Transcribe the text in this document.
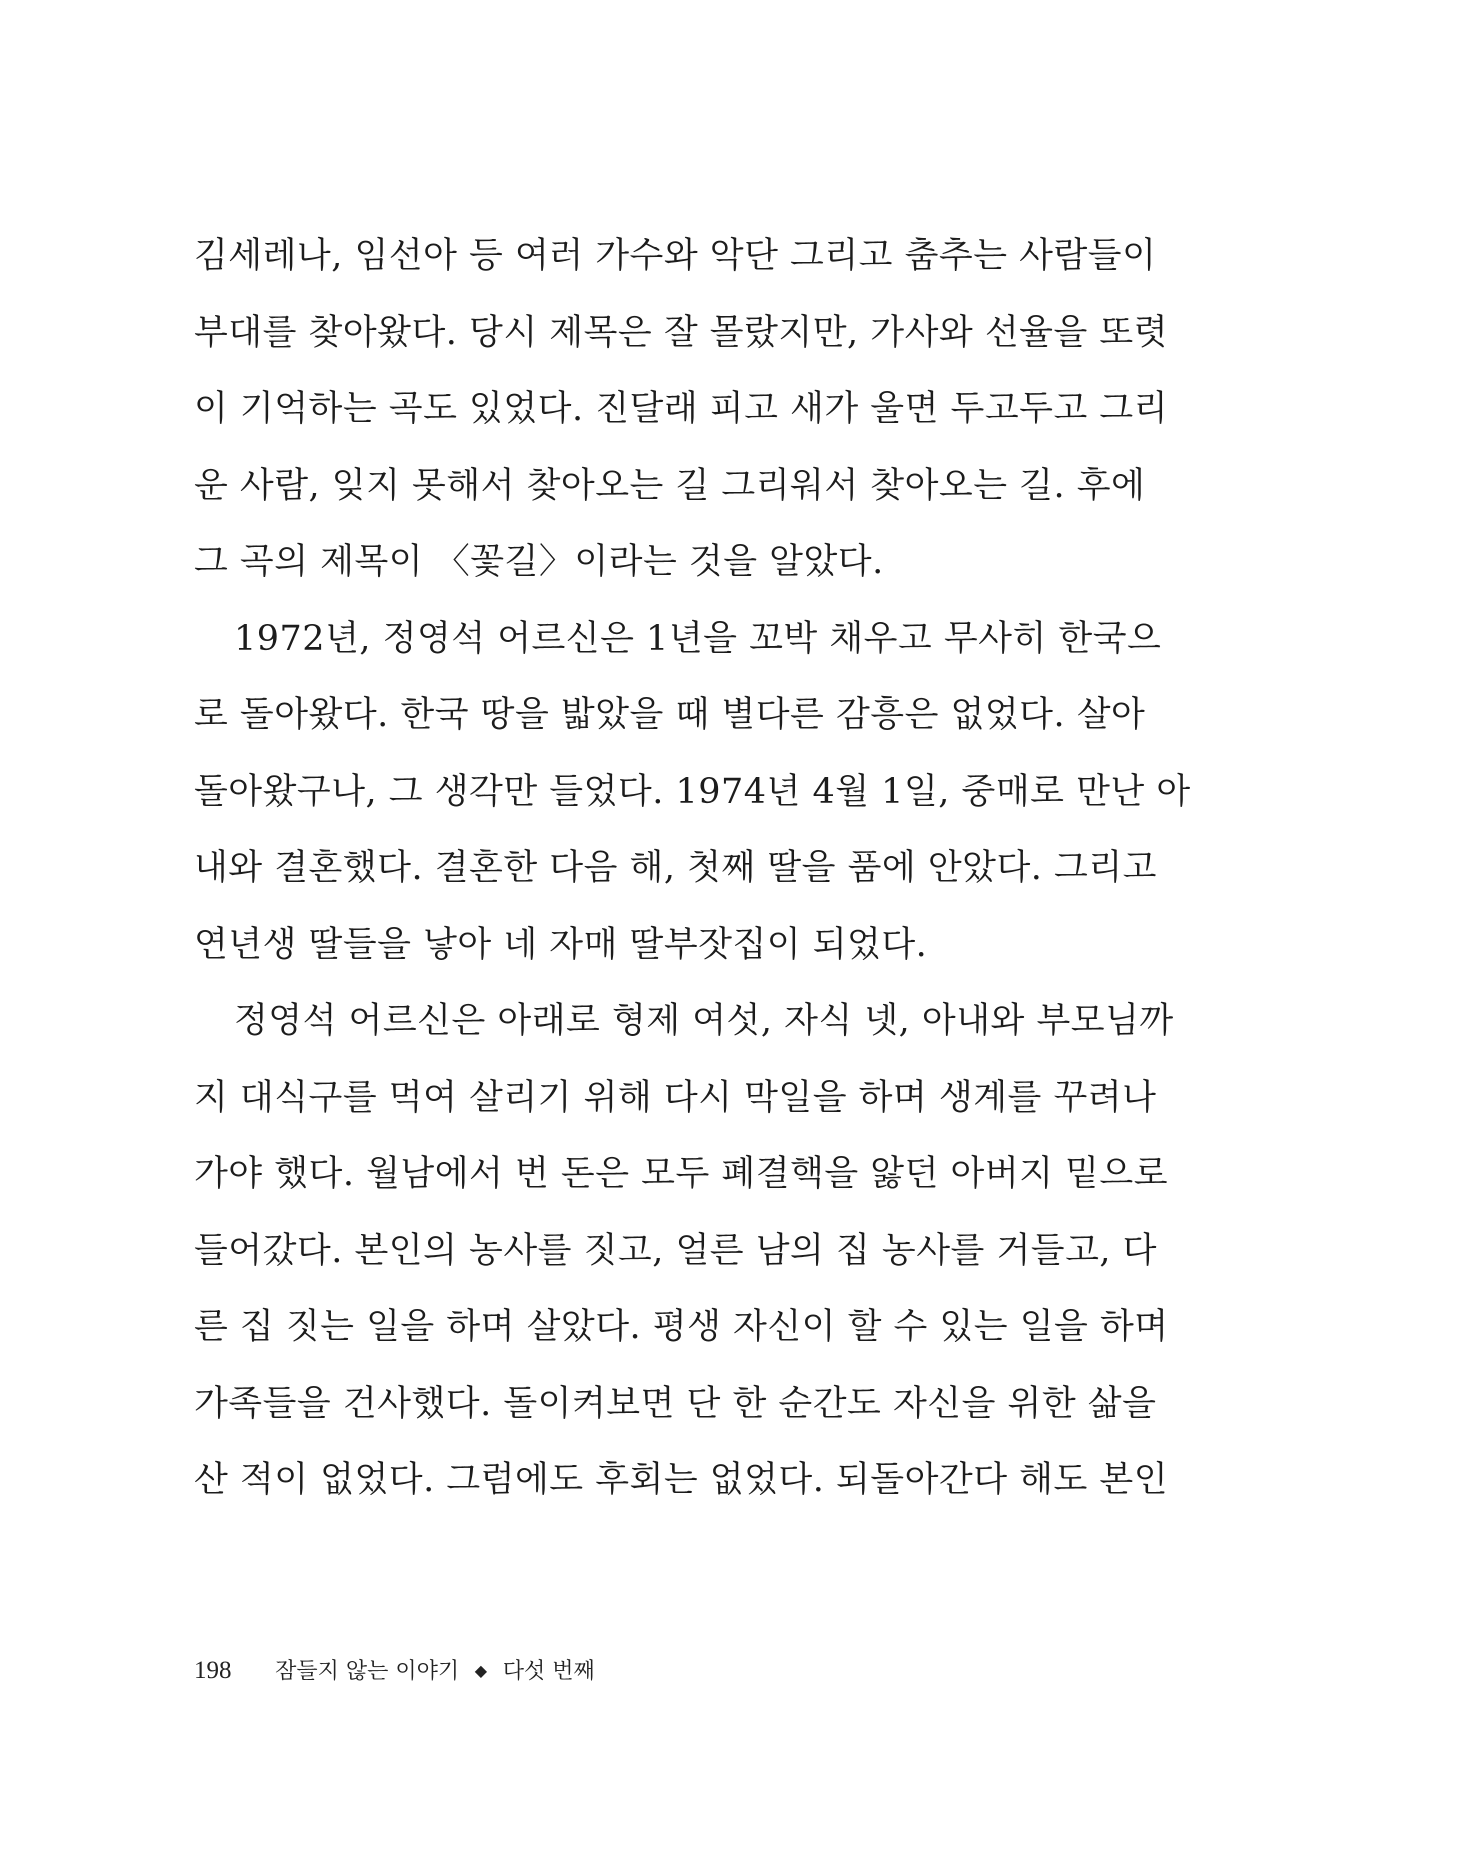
김세레나, 임선아 등 여러 가수와 악단 그리고 춤추는 사람들이
부대를 찾아왔다. 당시 제목은 잘 몰랐지만, 가사와 선율을 또렷
이 기억하는 곡도 있었다. 진달래 피고 새가 울면 두고두고 그리
운 사람, 잊지 못해서 찾아오는 길 그리워서 찾아오는 길. 후에
그 곡의 제목이 〈꽃길〉이라는 것을 알았다.
1972년, 정영석 어르신은 1년을 꼬박 채우고 무사히 한국으
로 돌아왔다. 한국 땅을 밟았을 때 별다른 감흥은 없었다. 살아
돌아왔구나, 그 생각만 들었다. 1974년 4월 1일, 중매로 만난 아
내와 결혼했다. 결혼한 다음 해, 첫째 딸을 품에 안았다. 그리고
연년생 딸들을 낳아 네 자매 딸부잣집이 되었다.
정영석 어르신은 아래로 형제 여섯, 자식 넷, 아내와 부모님까
지 대식구를 먹여 살리기 위해 다시 막일을 하며 생계를 꾸려나
가야 했다. 월남에서 번 돈은 모두 폐결핵을 앓던 아버지 밑으로
들어갔다. 본인의 농사를 짓고, 얼른 남의 집 농사를 거들고, 다
른 집 짓는 일을 하며 살았다. 평생 자신이 할 수 있는 일을 하며
가족들을 건사했다. 돌이켜보면 단 한 순간도 자신을 위한 삶을
산 적이 없었다. 그럼에도 후회는 없었다. 되돌아간다 해도 본인
198 잠들지 않는 이야기 ◆ 다섯 번째
